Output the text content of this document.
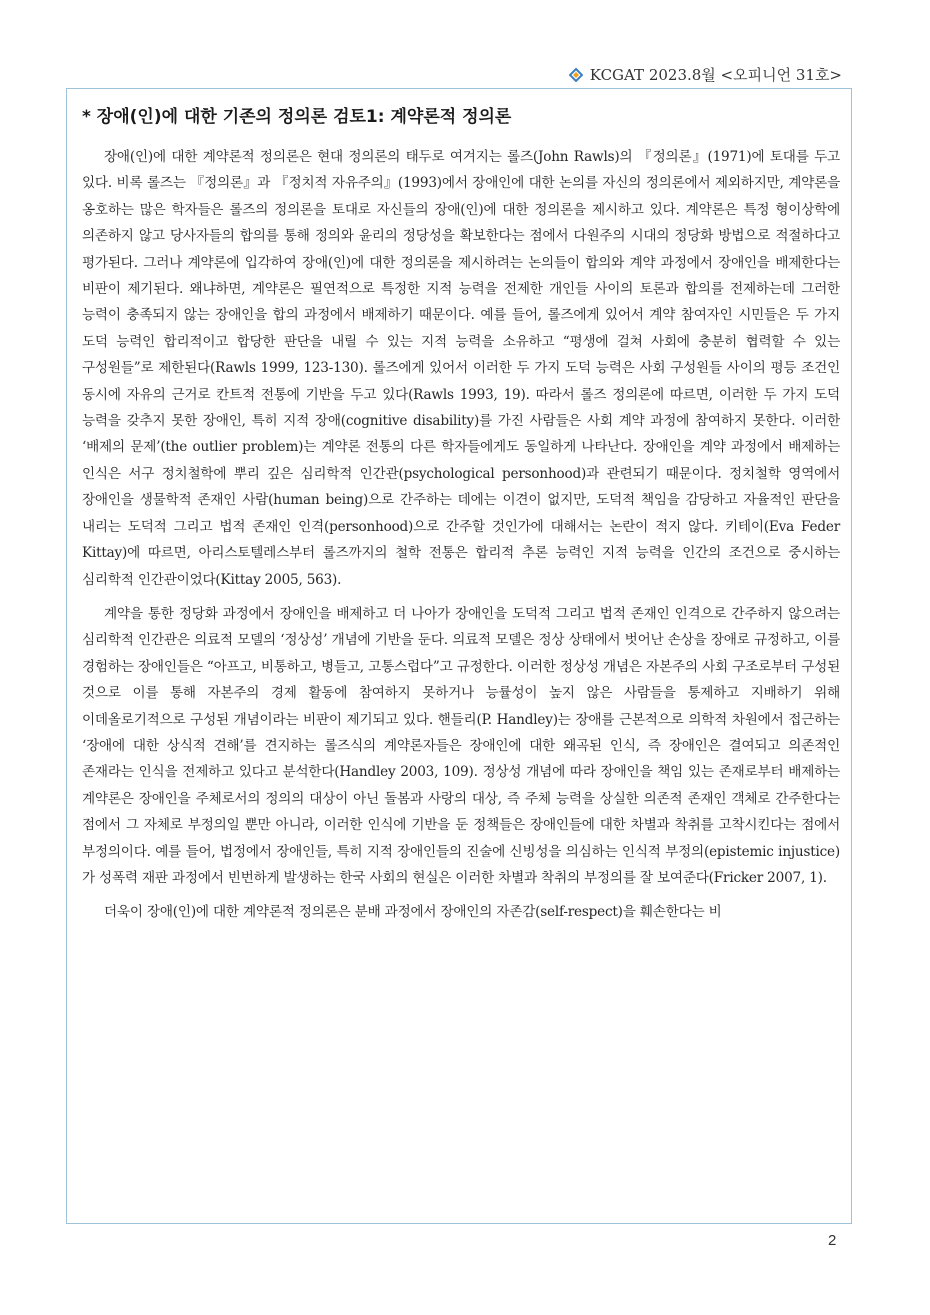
KCGAT 2023.8월 <오피니언 31호>
* 장애(인)에 대한 기존의 정의론 검토1: 계약론적 정의론

장애(인)에 대한 계약론적 정의론은 현대 정의론의 태두로 여겨지는 롤즈(John Rawls)의 『정의론』(1971)에 토대를 두고 있다. 비록 롤즈는 『정의론』과 『정치적 자유주의』(1993)에서 장애인에 대한 논의를 자신의 정의론에서 제외하지만, 계약론을 옹호하는 많은 학자들은 롤즈의 정의론을 토대로 자신들의 장애(인)에 대한 정의론을 제시하고 있다. 계약론은 특정 형이상학에 의존하지 않고 당사자들의 합의를 통해 정의와 윤리의 정당성을 확보한다는 점에서 다원주의 시대의 정당화 방법으로 적절하다고 평가된다. 그러나 계약론에 입각하여 장애(인)에 대한 정의론을 제시하려는 논의들이 합의와 계약 과정에서 장애인을 배제한다는 비판이 제기된다. 왜냐하면, 계약론은 필연적으로 특정한 지적 능력을 전제한 개인들 사이의 토론과 합의를 전제하는데 그러한 능력이 충족되지 않는 장애인을 합의 과정에서 배제하기 때문이다. 예를 들어, 롤즈에게 있어서 계약 참여자인 시민들은 두 가지 도덕 능력인 합리적이고 합당한 판단을 내릴 수 있는 지적 능력을 소유하고 “평생에 걸쳐 사회에 충분히 협력할 수 있는 구성원들”로 제한된다(Rawls 1999, 123-130). 롤즈에게 있어서 이러한 두 가지 도덕 능력은 사회 구성원들 사이의 평등 조건인 동시에 자유의 근거로 칸트적 전통에 기반을 두고 있다(Rawls 1993, 19). 따라서 롤즈 정의론에 따르면, 이러한 두 가지 도덕 능력을 갖추지 못한 장애인, 특히 지적 장애(cognitive disability)를 가진 사람들은 사회 계약 과정에 참여하지 못한다. 이러한 ‘배제의 문제’(the outlier problem)는 계약론 전통의 다른 학자들에게도 동일하게 나타난다. 장애인을 계약 과정에서 배제하는 인식은 서구 정치철학에 뿌리 깊은 심리학적 인간관(psychological personhood)과 관련되기 때문이다. 정치철학 영역에서 장애인을 생물학적 존재인 사람(human being)으로 간주하는 데에는 이견이 없지만, 도덕적 책임을 감당하고 자율적인 판단을 내리는 도덕적 그리고 법적 존재인 인격(personhood)으로 간주할 것인가에 대해서는 논란이 적지 않다. 키테이(Eva Feder Kittay)에 따르면, 아리스토텔레스부터 롤즈까지의 철학 전통은 합리적 추론 능력인 지적 능력을 인간의 조건으로 중시하는 심리학적 인간관이었다(Kittay 2005, 563).

계약을 통한 정당화 과정에서 장애인을 배제하고 더 나아가 장애인을 도덕적 그리고 법적 존재인 인격으로 간주하지 않으려는 심리학적 인간관은 의료적 모델의 ‘정상성’ 개념에 기반을 둔다. 의료적 모델은 정상 상태에서 벗어난 손상을 장애로 규정하고, 이를 경험하는 장애인들은 “아프고, 비통하고, 병들고, 고통스럽다”고 규정한다. 이러한 정상성 개념은 자본주의 사회 구조로부터 구성된 것으로 이를 통해 자본주의 경제 활동에 참여하지 못하거나 능률성이 높지 않은 사람들을 통제하고 지배하기 위해 이데올로기적으로 구성된 개념이라는 비판이 제기되고 있다. 핸들리(P. Handley)는 장애를 근본적으로 의학적 차원에서 접근하는 ‘장애에 대한 상식적 견해’를 견지하는 롤즈식의 계약론자들은 장애인에 대한 왜곡된 인식, 즉 장애인은 결여되고 의존적인 존재라는 인식을 전제하고 있다고 분석한다(Handley 2003, 109). 정상성 개념에 따라 장애인을 책임 있는 존재로부터 배제하는 계약론은 장애인을 주체로서의 정의의 대상이 아닌 돌봄과 사랑의 대상, 즉 주체 능력을 상실한 의존적 존재인 객체로 간주한다는 점에서 그 자체로 부정의일 뿐만 아니라, 이러한 인식에 기반을 둔 정책들은 장애인들에 대한 차별과 착취를 고착시킨다는 점에서 부정의이다. 예를 들어, 법정에서 장애인들, 특히 지적 장애인들의 진술에 신빙성을 의심하는 인식적 부정의(epistemic injustice)가 성폭력 재판 과정에서 빈번하게 발생하는 한국 사회의 현실은 이러한 차별과 착취의 부정의를 잘 보여준다(Fricker 2007, 1).

더욱이 장애(인)에 대한 계약론적 정의론은 분배 과정에서 장애인의 자존감(self-respect)을 훼손한다는 비

2
